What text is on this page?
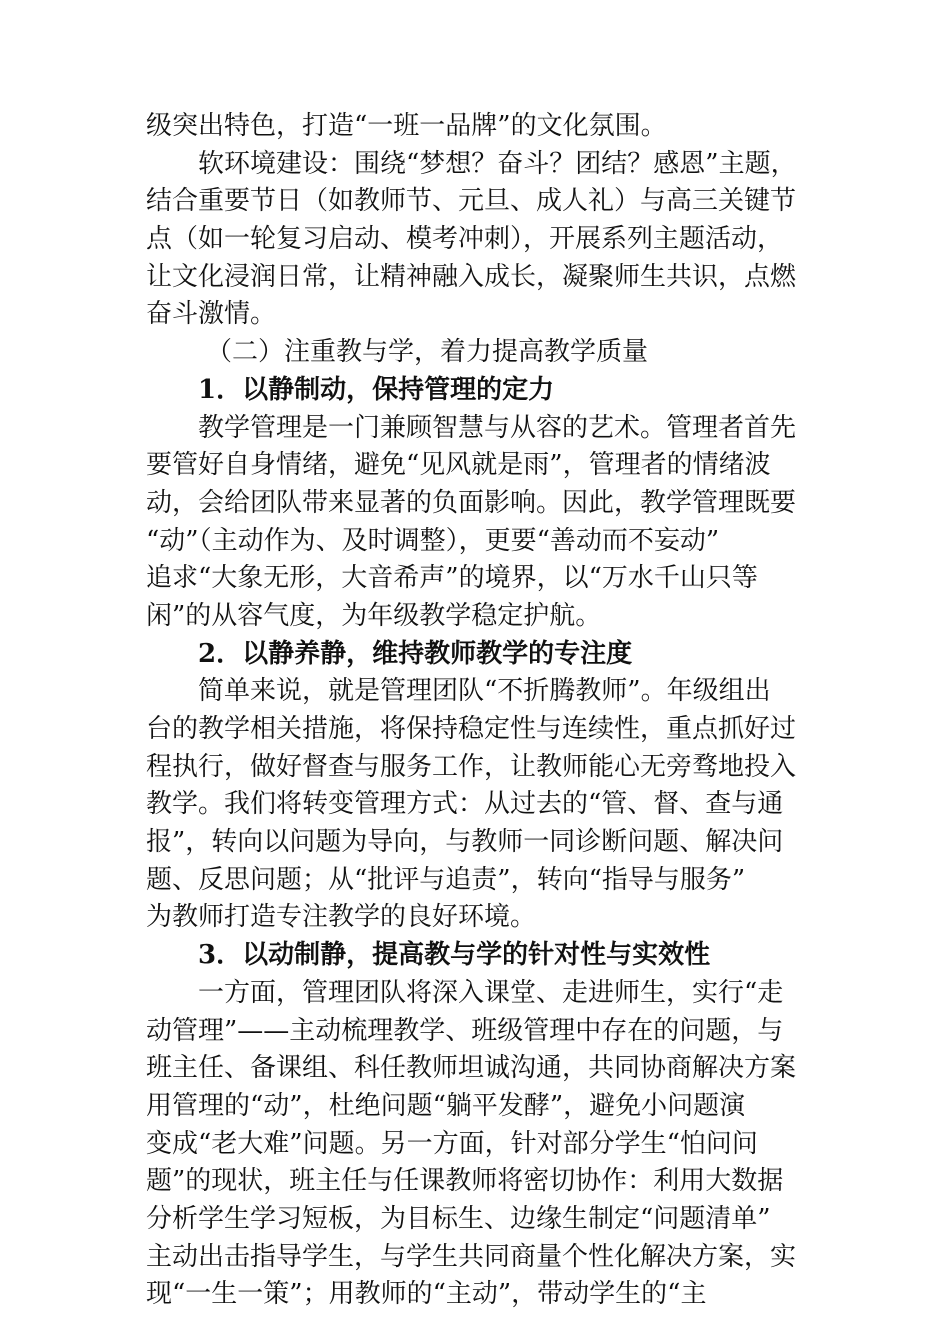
级突出特色，打造“一班一品牌”的文化氛围。
软环境建设：围绕“梦想？奋斗？团结？感恩”主题，
结合重要节日（如教师节、元旦、成人礼）与高三关键节
点（如一轮复习启动、模考冲刺），开展系列主题活动，
让文化浸润日常，让精神融入成长，凝聚师生共识，点燃
奋斗激情。
（二）注重教与学，着力提高教学质量
1．以静制动，保持管理的定力
教学管理是一门兼顾智慧与从容的艺术。管理者首先
要管好自身情绪，避免“见风就是雨”，管理者的情绪波
动，会给团队带来显著的负面影响。因此，教学管理既要
“动”（主动作为、及时调整），更要“善动而不妄动”
追求“大象无形，大音希声”的境界，以“万水千山只等
闲”的从容气度，为年级教学稳定护航。
2．以静养静，维持教师教学的专注度
简单来说，就是管理团队“不折腾教师”。年级组出
台的教学相关措施，将保持稳定性与连续性，重点抓好过
程执行，做好督查与服务工作，让教师能心无旁骛地投入
教学。我们将转变管理方式：从过去的“管、督、查与通
报”，转向以问题为导向，与教师一同诊断问题、解决问
题、反思问题；从“批评与追责”，转向“指导与服务”
为教师打造专注教学的良好环境。
3．以动制静，提高教与学的针对性与实效性
一方面，管理团队将深入课堂、走进师生，实行“走
动管理”——主动梳理教学、班级管理中存在的问题，与
班主任、备课组、科任教师坦诚沟通，共同协商解决方案
用管理的“动”，杜绝问题“躺平发酵”，避免小问题演
变成“老大难”问题。另一方面，针对部分学生“怕问问
题”的现状，班主任与任课教师将密切协作：利用大数据
分析学生学习短板，为目标生、边缘生制定“问题清单”
主动出击指导学生，与学生共同商量个性化解决方案，实
现“一生一策”；用教师的“主动”，带动学生的“主
